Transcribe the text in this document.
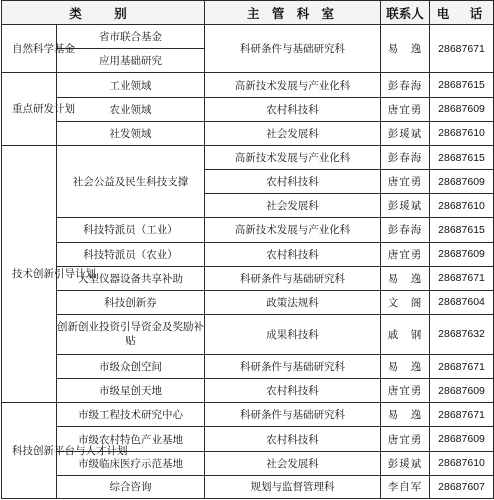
类　别		主 管 科 室	联系人	电　话
自然科学基金	省市联合基金	科研条件与基础研究科	易　逸	28687671
	应用基础研究			
重点研发计划	工业领域	高新技术发展与产业化科	彭春海	28687615
	农业领域	农村科技科	唐宜勇	28687609
	社发领域	社会发展科	彭瑗斌	28687610
技术创新引导计划	社会公益及民生科技支撑	高新技术发展与产业化科	彭春海	28687615
		农村科技科	唐宜勇	28687609
		社会发展科	彭瑗斌	28687610
	科技特派员（工业）	高新技术发展与产业化科	彭春海	28687615
	科技特派员（农业）	农村科技科	唐宜勇	28687609
	大型仪器设备共享补助	科研条件与基础研究科	易　逸	28687671
	科技创新券	政策法规科	文　阁	28687604
	创新创业投资引导资金及奖励补贴	成果科技科	戚　钢	28687632
	市级众创空间	科研条件与基础研究科	易　逸	28687671
	市级星创天地	农村科技科	唐宜勇	28687609
科技创新平台与人才计划	市级工程技术研究中心	科研条件与基础研究科	易　逸	28687671
	市级农村特色产业基地	农村科技科	唐宜勇	28687609
	市级临床医疗示范基地	社会发展科	彭瑗斌	28687610
	综合咨询	规划与监督管理科	李自军	28687607
